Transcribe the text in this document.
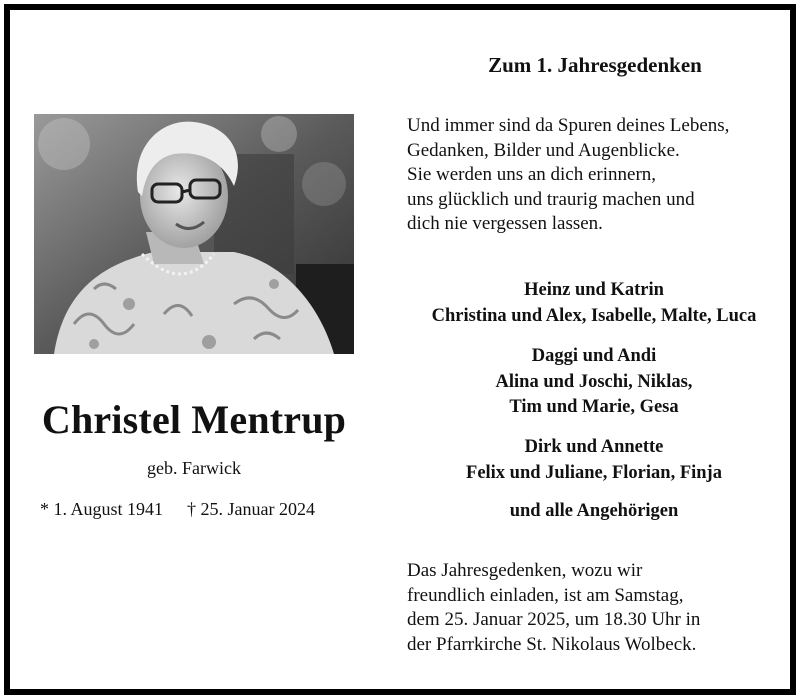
Christel Mentrup
geb. Farwick
* 1. August 1941 † 25. Januar 2024
Zum 1. Jahresgedenken
Und immer sind da Spuren deines Lebens,
Gedanken, Bilder und Augenblicke.
Sie werden uns an dich erinnern,
uns glücklich und traurig machen und
dich nie vergessen lassen.
Heinz und Katrin
Christina und Alex, Isabelle, Malte, Luca
Daggi und Andi
Alina und Joschi, Niklas,
Tim und Marie, Gesa
Dirk und Annette
Felix und Juliane, Florian, Finja
und alle Angehörigen
Das Jahresgedenken, wozu wir
freundlich einladen, ist am Samstag,
dem 25. Januar 2025, um 18.30 Uhr in
der Pfarrkirche St. Nikolaus Wolbeck.
